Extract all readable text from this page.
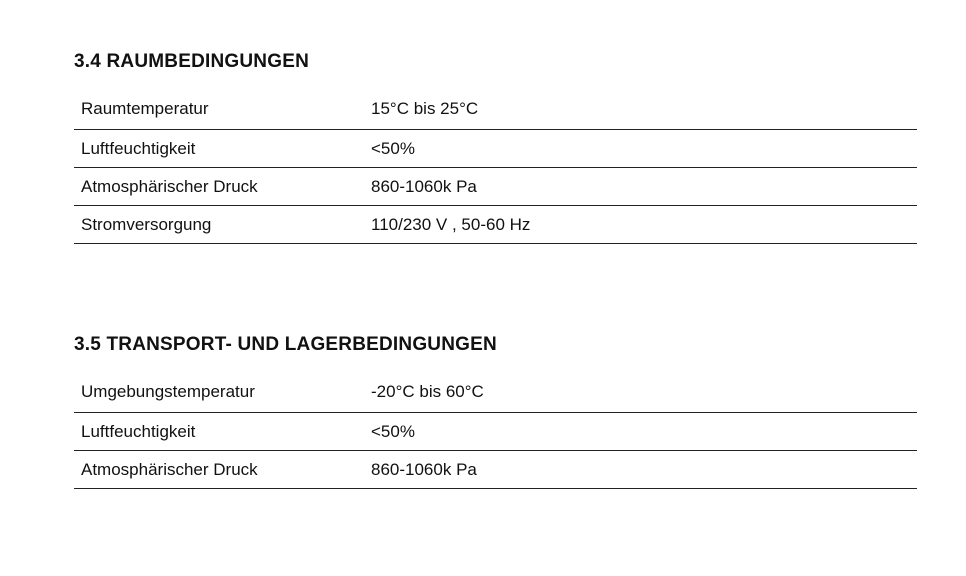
3.4 RAUMBEDINGUNGEN
Raumtemperatur	15°C bis 25°C
Luftfeuchtigkeit	<50%
Atmosphärischer Druck	860-1060k Pa
Stromversorgung	110/230 V , 50-60 Hz
3.5 TRANSPORT- UND LAGERBEDINGUNGEN
Umgebungstemperatur	-20°C bis 60°C
Luftfeuchtigkeit	<50%
Atmosphärischer Druck	860-1060k Pa
